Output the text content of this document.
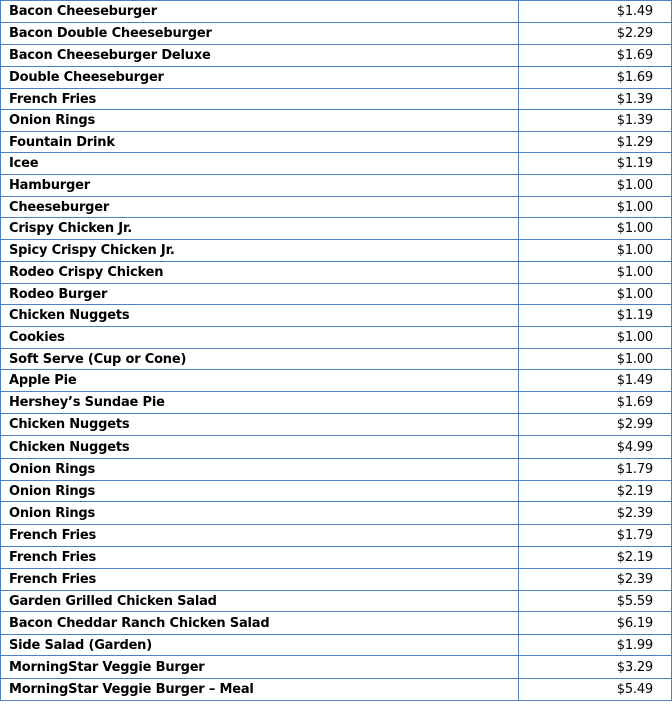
Bacon Cheeseburger	$1.49
Bacon Double Cheeseburger	$2.29
Bacon Cheeseburger Deluxe	$1.69
Double Cheeseburger	$1.69
French Fries	$1.39
Onion Rings	$1.39
Fountain Drink	$1.29
Icee	$1.19
Hamburger	$1.00
Cheeseburger	$1.00
Crispy Chicken Jr.	$1.00
Spicy Crispy Chicken Jr.	$1.00
Rodeo Crispy Chicken	$1.00
Rodeo Burger	$1.00
Chicken Nuggets	$1.19
Cookies	$1.00
Soft Serve (Cup or Cone)	$1.00
Apple Pie	$1.49
Hershey’s Sundae Pie	$1.69
Chicken Nuggets	$2.99
Chicken Nuggets	$4.99
Onion Rings	$1.79
Onion Rings	$2.19
Onion Rings	$2.39
French Fries	$1.79
French Fries	$2.19
French Fries	$2.39
Garden Grilled Chicken Salad	$5.59
Bacon Cheddar Ranch Chicken Salad	$6.19
Side Salad (Garden)	$1.99
MorningStar Veggie Burger	$3.29
MorningStar Veggie Burger – Meal	$5.49
